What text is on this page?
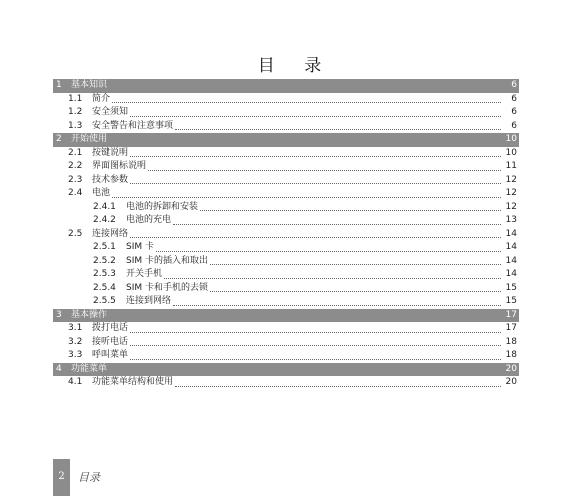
目 录
1	基本知识	6
1.1	简介	6
1.2	安全须知	6
1.3	安全警告和注意事项	6
2	开始使用	10
2.1	按键说明	10
2.2	界面图标说明	11
2.3	技术参数	12
2.4	电池	12
2.4.1	电池的拆卸和安装	12
2.4.2	电池的充电	13
2.5	连接网络	14
2.5.1	SIM 卡	14
2.5.2	SIM 卡的插入和取出	14
2.5.3	开关手机	14
2.5.4	SIM 卡和手机的去锁	15
2.5.5	连接到网络	15
3	基本操作	17
3.1	拨打电话	17
3.2	接听电话	18
3.3	呼叫菜单	18
4	功能菜单	20
4.1	功能菜单结构和使用	20
2	目录
